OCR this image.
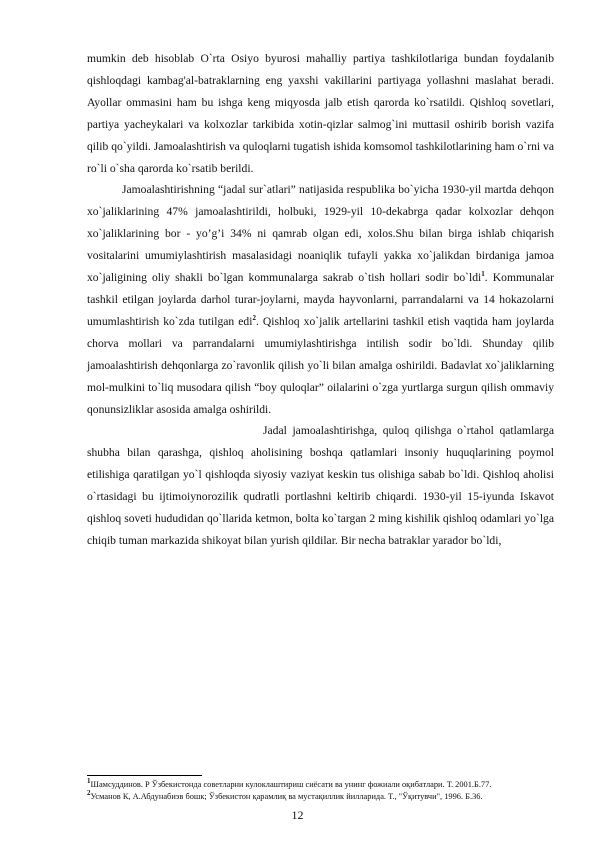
mumkin deb hisoblab O`rta Osiyo byurosi mahalliy partiya tashkilotlariga bundan foydalanib qishloqdagi kambag'al-batraklarning eng yaxshi vakillarini partiyaga yollashni maslahat beradi. Ayollar ommasini ham bu ishga keng miqyosda jalb etish qarorda ko`rsatildi. Qishloq sovetlari, partiya yacheykalari va kolxozlar tarkibida xotin-qizlar salmog`ini muttasil oshirib borish vazifa qilib qo`yildi. Jamoalashtirish va quloqlarni tugatish ishida komsomol tashkilotlarining ham o`rni va ro`li o`sha qarorda ko`rsatib berildi.

Jamoalashtirishning “jadal sur`atlari” natijasida respublika bo`yicha 1930-yil martda dehqon xo`jaliklarining 47% jamoalashtirildi, holbuki, 1929-yil 10-dekabrga qadar kolxozlar dehqon xo`jaliklarining bor - yo’g’i 34% ni qamrab olgan edi, xolos.Shu bilan birga ishlab chiqarish vositalarini umumiylashtirish masalasidagi noaniqlik tufayli yakka xo`jalikdan birdaniga jamoa xo`jaligining oliy shakli bo`lgan kommunalarga sakrab o`tish hollari sodir bo`ldi$^1$. Kommunalar tashkil etilgan joylarda darhol turar-joylarni, mayda hayvonlarni, parrandalarni va 14 hokazolarni umumlashtirish ko`zda tutilgan edi$^2$. Qishloq xo`jalik artellarini tashkil etish vaqtida ham joylarda chorva mollari va parrandalarni umumiylashtirishga intilish sodir bo`ldi. Shunday qilib jamoalashtirish dehqonlarga zo`ravonlik qilish yo`li bilan amalga oshirildi. Badavlat xo`jaliklarning mol-mulkini to`liq musodara qilish “boy quloqlar” oilalarini o`zga yurtlarga surgun qilish ommaviy qonunsizliklar asosida amalga oshirildi.

Jadal jamoalashtirishga, quloq qilishga o`rtahol qatlamlarga shubha bilan qarashga, qishloq aholisining boshqa qatlamlari insoniy huquqlarining poymol etilishiga qaratilgan yo`l qishloqda siyosiy vaziyat keskin tus olishiga sabab bo`ldi. Qishloq aholisi o`rtasidagi bu ijtimoiynorozilik qudratli portlashni keltirib chiqardi. 1930-yil 15-iyunda Iskavot qishloq soveti hududidan qo`llarida ketmon, bolta ko`targan 2 ming kishilik qishloq odamlari yo`lga chiqib tuman markazida shikoyat bilan yurish qildilar. Bir necha batraklar yarador bo`ldi,

$^1$Шамсуддинов. Р Ўзбекистонда советларни кулоклаштириш сиёсати ва унинг фожиали оқибатлари. Т. 2001.Б.77.

$^2$Усманов К, А.Абдунабиэв бошк; Ўзбекистон қарамлиқ ва мустақиллик йилларида. Т., "Ўқитувчи", 1996. Б.36.

12
